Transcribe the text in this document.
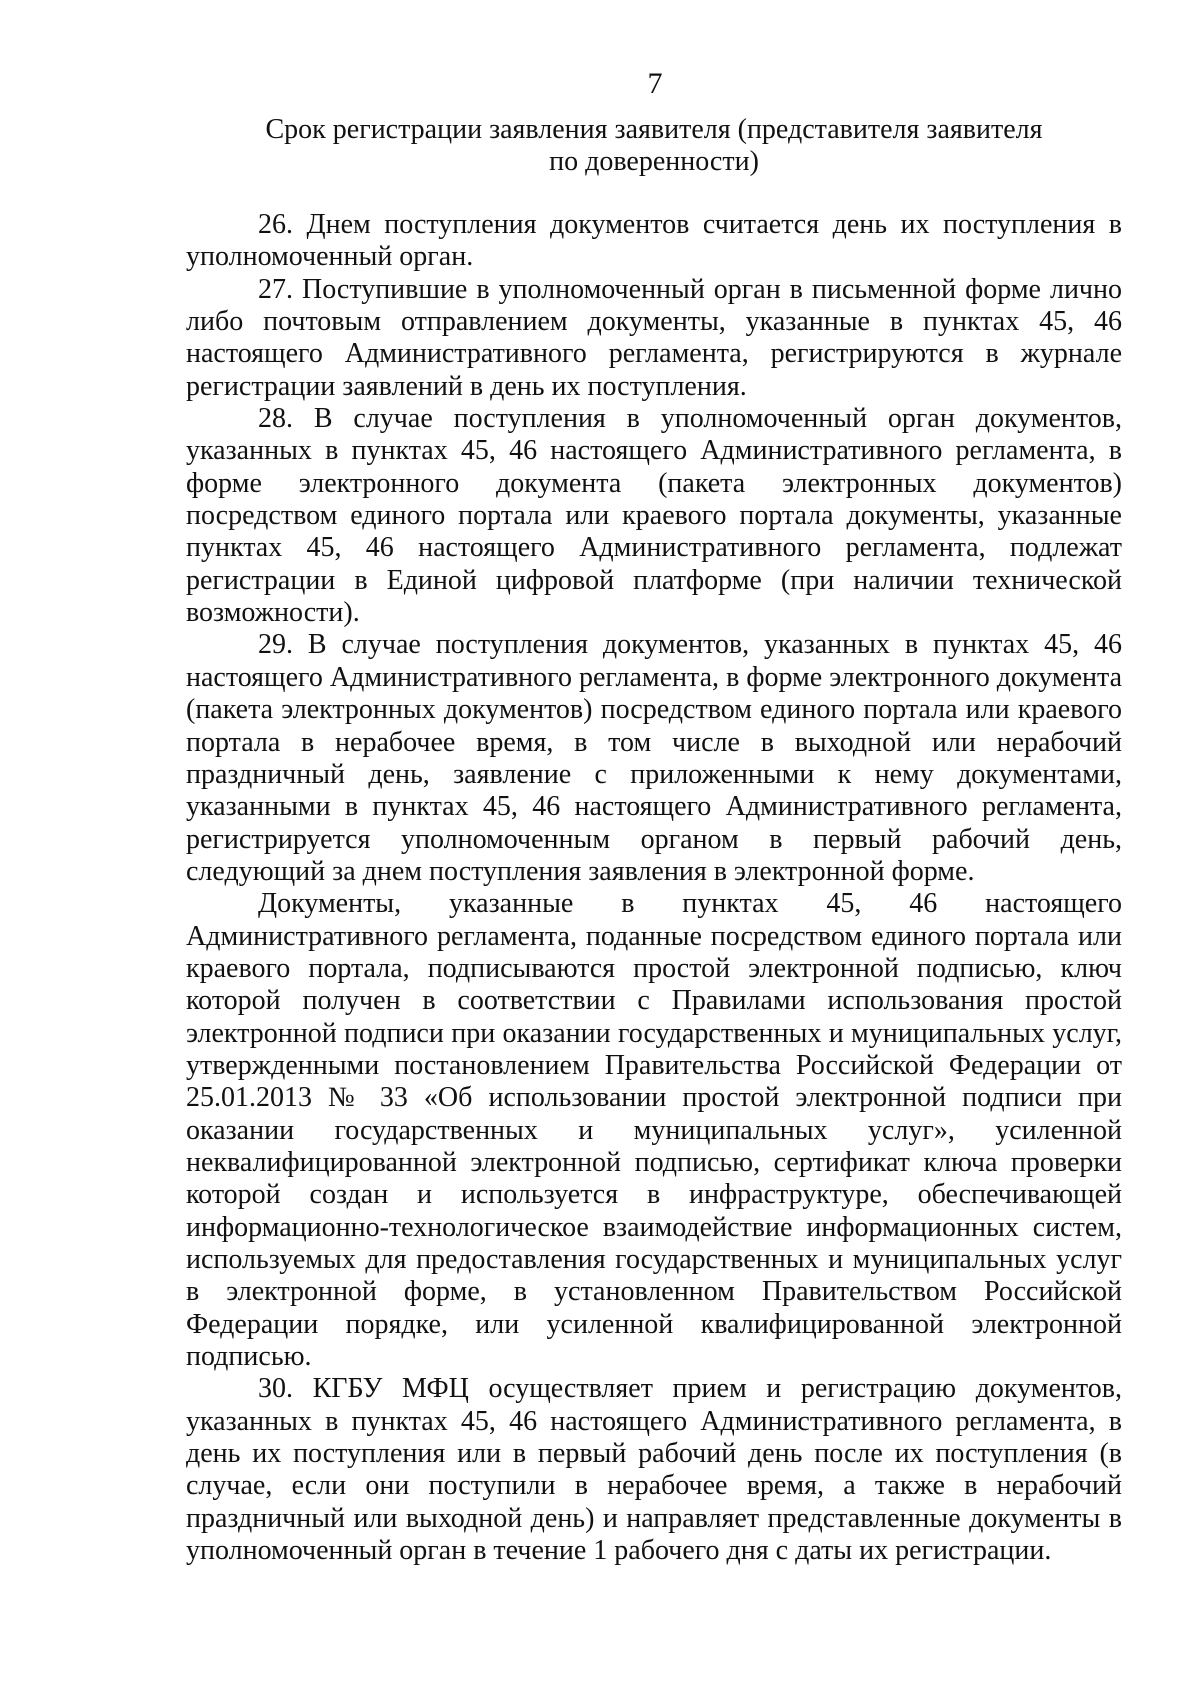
7
Срок регистрации заявления заявителя (представителя заявителя
по доверенности)

26. Днем поступления документов считается день их поступления в уполномоченный орган.

27. Поступившие в уполномоченный орган в письменной форме лично либо почтовым отправлением документы, указанные в пунктах 45, 46 настоящего Административного регламента, регистрируются в журнале регистрации заявлений в день их поступления.

28. В случае поступления в уполномоченный орган документов, указанных в пунктах 45, 46 настоящего Административного регламента, в форме электронного документа (пакета электронных документов) посредством единого портала или краевого портала документы, указанные пунктах 45, 46 настоящего Административного регламента, подлежат регистрации в Единой цифровой платформе (при наличии технической возможности).

29. В случае поступления документов, указанных в пунктах 45, 46 настоящего Административного регламента, в форме электронного документа (пакета электронных документов) посредством единого портала или краевого портала в нерабочее время, в том числе в выходной или нерабочий праздничный день, заявление с приложенными к нему документами, указанными в пунктах 45, 46 настоящего Административного регламента, регистрируется уполномоченным органом в первый рабочий день, следующий за днем поступления заявления в электронной форме.

Документы, указанные в пунктах 45, 46 настоящего Административного регламента, поданные посредством единого портала или краевого портала, подписываются простой электронной подписью, ключ которой получен в соответствии с Правилами использования простой электронной подписи при оказании государственных и муниципальных услуг, утвержденными постановлением Правительства Российской Федерации от 25.01.2013 № 33 «Об использовании простой электронной подписи при оказании государственных и муниципальных услуг», усиленной неквалифицированной электронной подписью, сертификат ключа проверки которой создан и используется в инфраструктуре, обеспечивающей информационно-технологическое взаимодействие информационных систем, используемых для предоставления государственных и муниципальных услуг в электронной форме, в установленном Правительством Российской Федерации порядке, или усиленной квалифицированной электронной подписью.

30. КГБУ МФЦ осуществляет прием и регистрацию документов, указанных в пунктах 45, 46 настоящего Административного регламента, в день их поступления или в первый рабочий день после их поступления (в случае, если они поступили в нерабочее время, а также в нерабочий праздничный или выходной день) и направляет представленные документы в уполномоченный орган в течение 1 рабочего дня с даты их регистрации.
